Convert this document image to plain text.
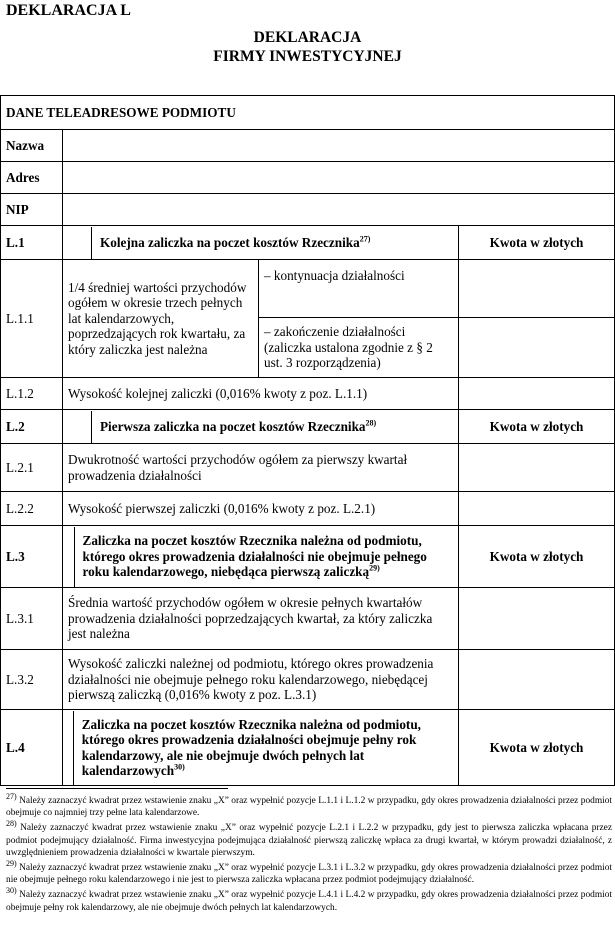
DEKLARACJA L
DEKLARACJA
FIRMY INWESTYCYJNEJ
DANE TELEADRESOWE PODMIOTU			
Nazwa			
Adres			
NIP			
L.1	Kolejna zaliczka na poczet kosztów Rzecznika$^{27)}$		Kwota w złotych
L.1.1	1/4 średniej wartości przychodów ogółem w okresie trzech pełnych lat kalendarzowych, poprzedzających rok kwartału, za który zaliczka jest należna	– kontynuacja działalności	
		– zakończenie działalności (zaliczka ustalona zgodnie z § 2 ust. 3 rozporządzenia)	
L.1.2	Wysokość kolejnej zaliczki (0,016% kwoty z poz. L.1.1)		
L.2	Pierwsza zaliczka na poczet kosztów Rzecznika$^{28)}$		Kwota w złotych
L.2.1	Dwukrotność wartości przychodów ogółem za pierwszy kwartał prowadzenia działalności		
L.2.2	Wysokość pierwszej zaliczki (0,016% kwoty z poz. L.2.1)		
L.3	Zaliczka na poczet kosztów Rzecznika należna od podmiotu, którego okres prowadzenia działalności nie obejmuje pełnego roku kalendarzowego, niebędąca pierwszą zaliczką$^{29)}$		Kwota w złotych
L.3.1	Średnia wartość przychodów ogółem w okresie pełnych kwartałów prowadzenia działalności poprzedzających kwartał, za który zaliczka jest należna		
L.3.2	Wysokość zaliczki należnej od podmiotu, którego okres prowadzenia działalności nie obejmuje pełnego roku kalendarzowego, niebędącej pierwszą zaliczką (0,016% kwoty z poz. L.3.1)		
L.4	Zaliczka na poczet kosztów Rzecznika należna od podmiotu, którego okres prowadzenia działalności obejmuje pełny rok kalendarzowy, ale nie obejmuje dwóch pełnych lat kalendarzowych$^{30)}$		Kwota w złotych
$^{27)}$ Należy zaznaczyć kwadrat przez wstawienie znaku „X” oraz wypełnić pozycje L.1.1 i L.1.2 w przypadku, gdy okres prowadzenia działalności przez podmiot obejmuje co najmniej trzy pełne lata kalendarzowe.
$^{28)}$ Należy zaznaczyć kwadrat przez wstawienie znaku „X” oraz wypełnić pozycje L.2.1 i L.2.2 w przypadku, gdy jest to pierwsza zaliczka wpłacana przez podmiot podejmujący działalność. Firma inwestycyjna podejmująca działalność pierwszą zaliczkę wpłaca za drugi kwartał, w którym prowadzi działalność, z uwzględnieniem prowadzenia działalności w kwartale pierwszym.
$^{29)}$ Należy zaznaczyć kwadrat przez wstawienie znaku „X” oraz wypełnić pozycje L.3.1 i L.3.2 w przypadku, gdy okres prowadzenia działalności przez podmiot nie obejmuje pełnego roku kalendarzowego i nie jest to pierwsza zaliczka wpłacana przez podmiot podejmujący działalność.
$^{30)}$ Należy zaznaczyć kwadrat przez wstawienie znaku „X” oraz wypełnić pozycje L.4.1 i L.4.2 w przypadku, gdy okres prowadzenia działalności przez podmiot obejmuje pełny rok kalendarzowy, ale nie obejmuje dwóch pełnych lat kalendarzowych.
